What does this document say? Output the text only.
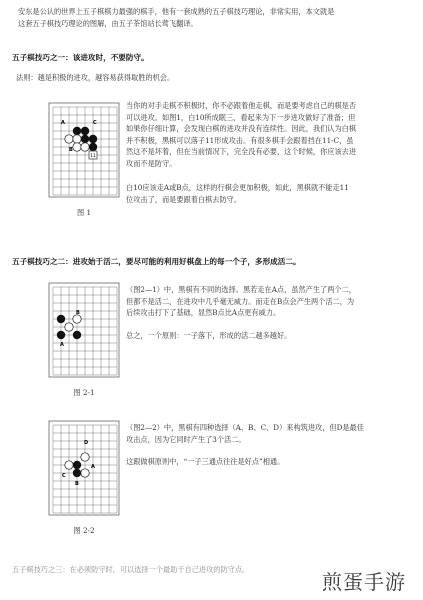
安东是公认的世界上五子棋棋力最强的棋手，他有一套成熟的五子棋技巧理论，非常实用，本文就是
这套五子棋技巧理论的图解，由五子茶馆站长莺飞翻译。
五子棋技巧之一：该进攻时，不要防守。
法则：越是积极的进攻，越容易获得取胜的机会。
11
A
B
C
图 1
当你的对手走棋不积极时，你不必跟着他走棋，而是要考虑自己的棋是否
可以进攻。如图1，白10所成眠三，看起来为下一步进攻做好了准备；但
如果你仔细计算，会发现白棋的进攻并没有连续性。因此，我们认为白棋
并不积极，黑棋可以落子11形成攻击。有很多棋手会跟着挡在11-C，虽
然这不是坏着，但在当前情况下，完全没有必要，这个时候，你应该去进
攻而不是防守。
白10应该走A或B点，这样的行棋会更加积极，如此，黑棋就不能走11
位攻击了，而是要跟着白棋去防守。
五子棋技巧之二：进攻始于活二，要尽可能的利用好棋盘上的每一个子，多形成活二。
B
A
图 2-1
（图2—1）中，黑棋有不同的选择。黑若走在A点，虽然产生了两个二，
但都不是活二，在进攻中几乎毫无威力。而走在B点会产生两个活二，为
后续攻击打下了基础，显然B点比A点更有威力。
总之，一个原则：一子落下，形成的活二越多越好。
D
A
C
B
图 2-2
（图2—2）中，黑棋有四种选择（A、B、C、D）来构筑进攻，但D是最佳
攻击点，因为它同时产生了3个活二。
这跟做棋原则中，“一子三通点往往是好点”相通。
五子棋技巧之三：在必须防守时，可以选择一个最助于自己进攻的防守点。
煎蛋手游
